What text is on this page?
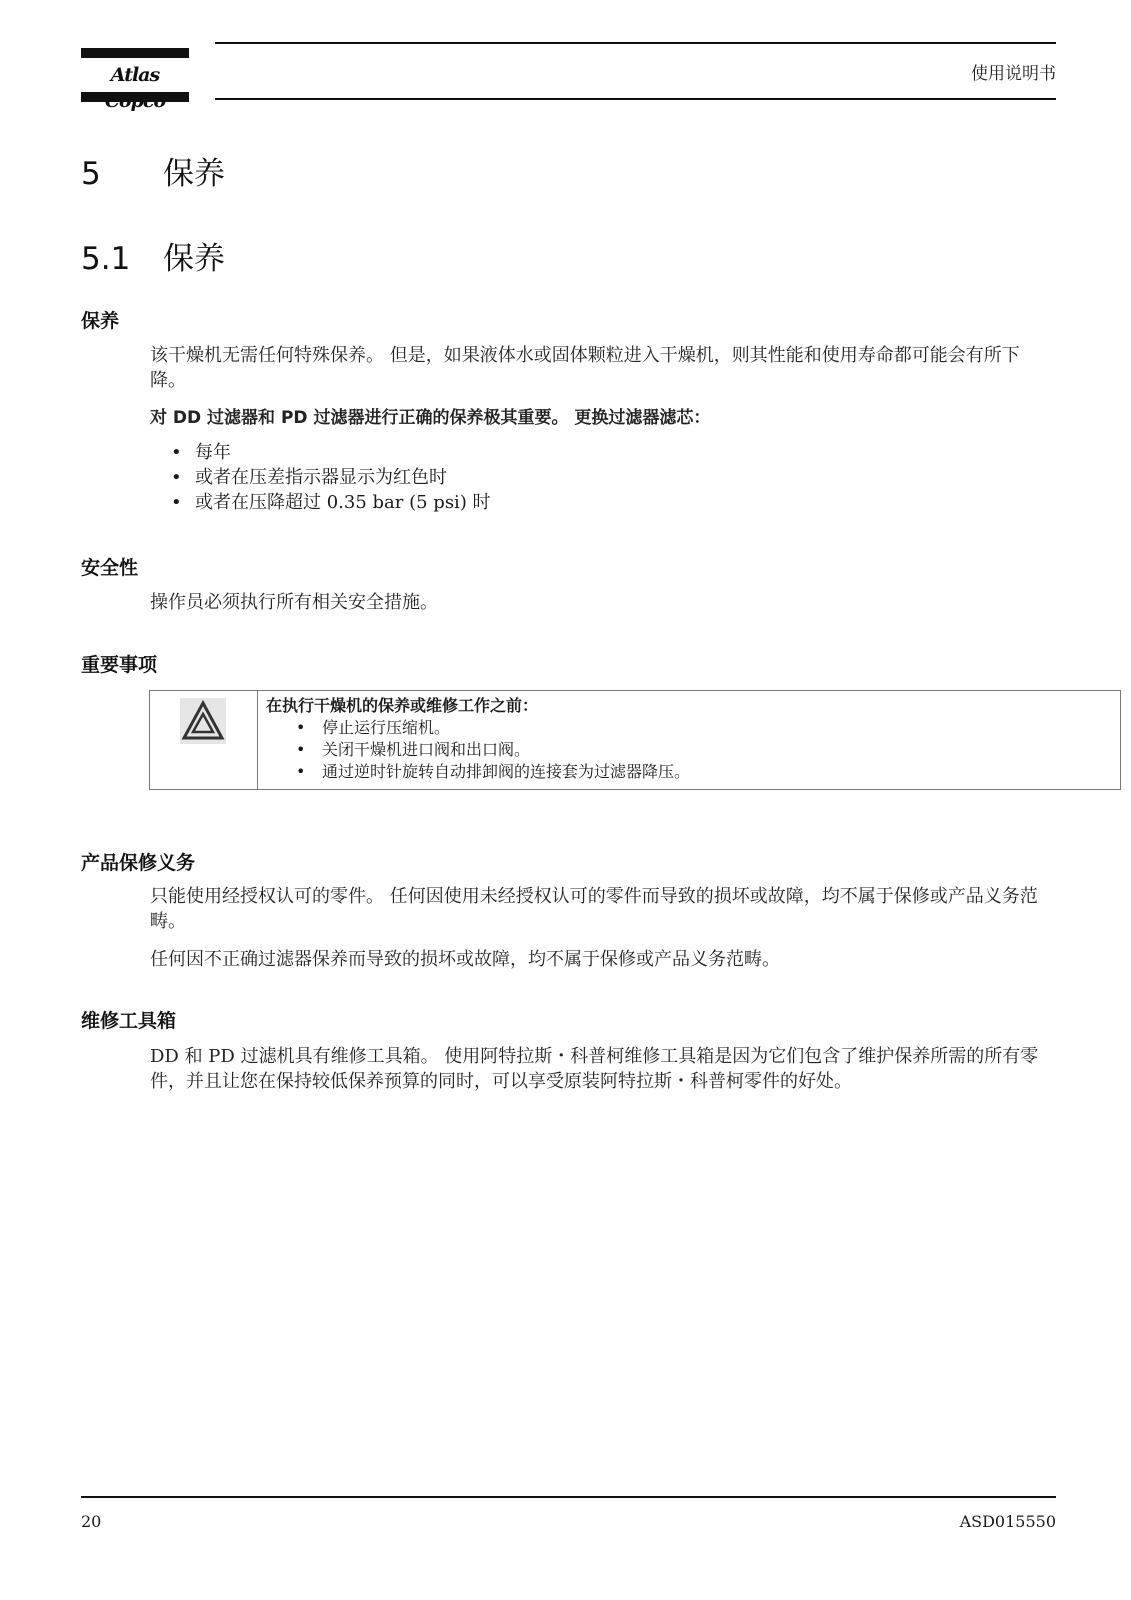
Atlas	使用说明书
5 保养
5.1 保养
保养
该干燥机无需任何特殊保养。 但是，如果液体水或固体颗粒进入干燥机，则其性能和使用寿命都可能会有所下降。
对 DD 过滤器和 PD 过滤器进行正确的保养极其重要。 更换过滤器滤芯：
• 每年
• 或者在压差指示器显示为红色时
• 或者在压降超过 0.35 bar (5 psi) 时
安全性
操作员必须执行所有相关安全措施。
重要事项
在执行干燥机的保养或维修工作之前：
• 停止运行压缩机。
• 关闭干燥机进口阀和出口阀。
• 通过逆时针旋转自动排卸阀的连接套为过滤器降压。
产品保修义务
只能使用经授权认可的零件。 任何因使用未经授权认可的零件而导致的损坏或故障，均不属于保修或产品义务范畴。
任何因不正确过滤器保养而导致的损坏或故障，均不属于保修或产品义务范畴。
维修工具箱
DD 和 PD 过滤机具有维修工具箱。 使用阿特拉斯・科普柯维修工具箱是因为它们包含了维护保养所需的所有零件，并且让您在保持较低保养预算的同时，可以享受原装阿特拉斯・科普柯零件的好处。
20	ASD015550
